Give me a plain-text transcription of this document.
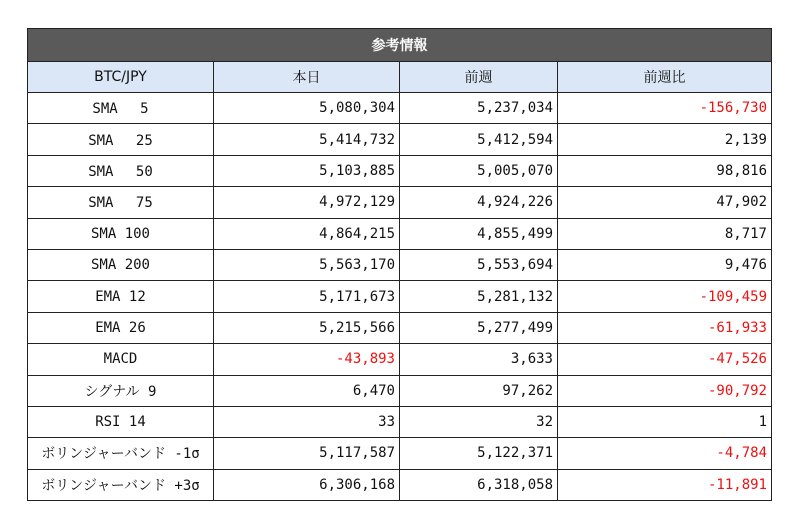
参考情報			
BTC/JPY	本日	前週	前週比
SMA　 5	5,080,304	5,237,034	-156,730
SMA　 25	5,414,732	5,412,594	2,139
SMA　 50	5,103,885	5,005,070	98,816
SMA　 75	4,972,129	4,924,226	47,902
SMA 100	4,864,215	4,855,499	8,717
SMA 200	5,563,170	5,553,694	9,476
EMA 12	5,171,673	5,281,132	-109,459
EMA 26	5,215,566	5,277,499	-61,933
MACD	-43,893	3,633	-47,526
シグナル 9	6,470	97,262	-90,792
RSI 14	33	32	1
ボリンジャーバンド -1σ	5,117,587	5,122,371	-4,784
ボリンジャーバンド +3σ	6,306,168	6,318,058	-11,891
